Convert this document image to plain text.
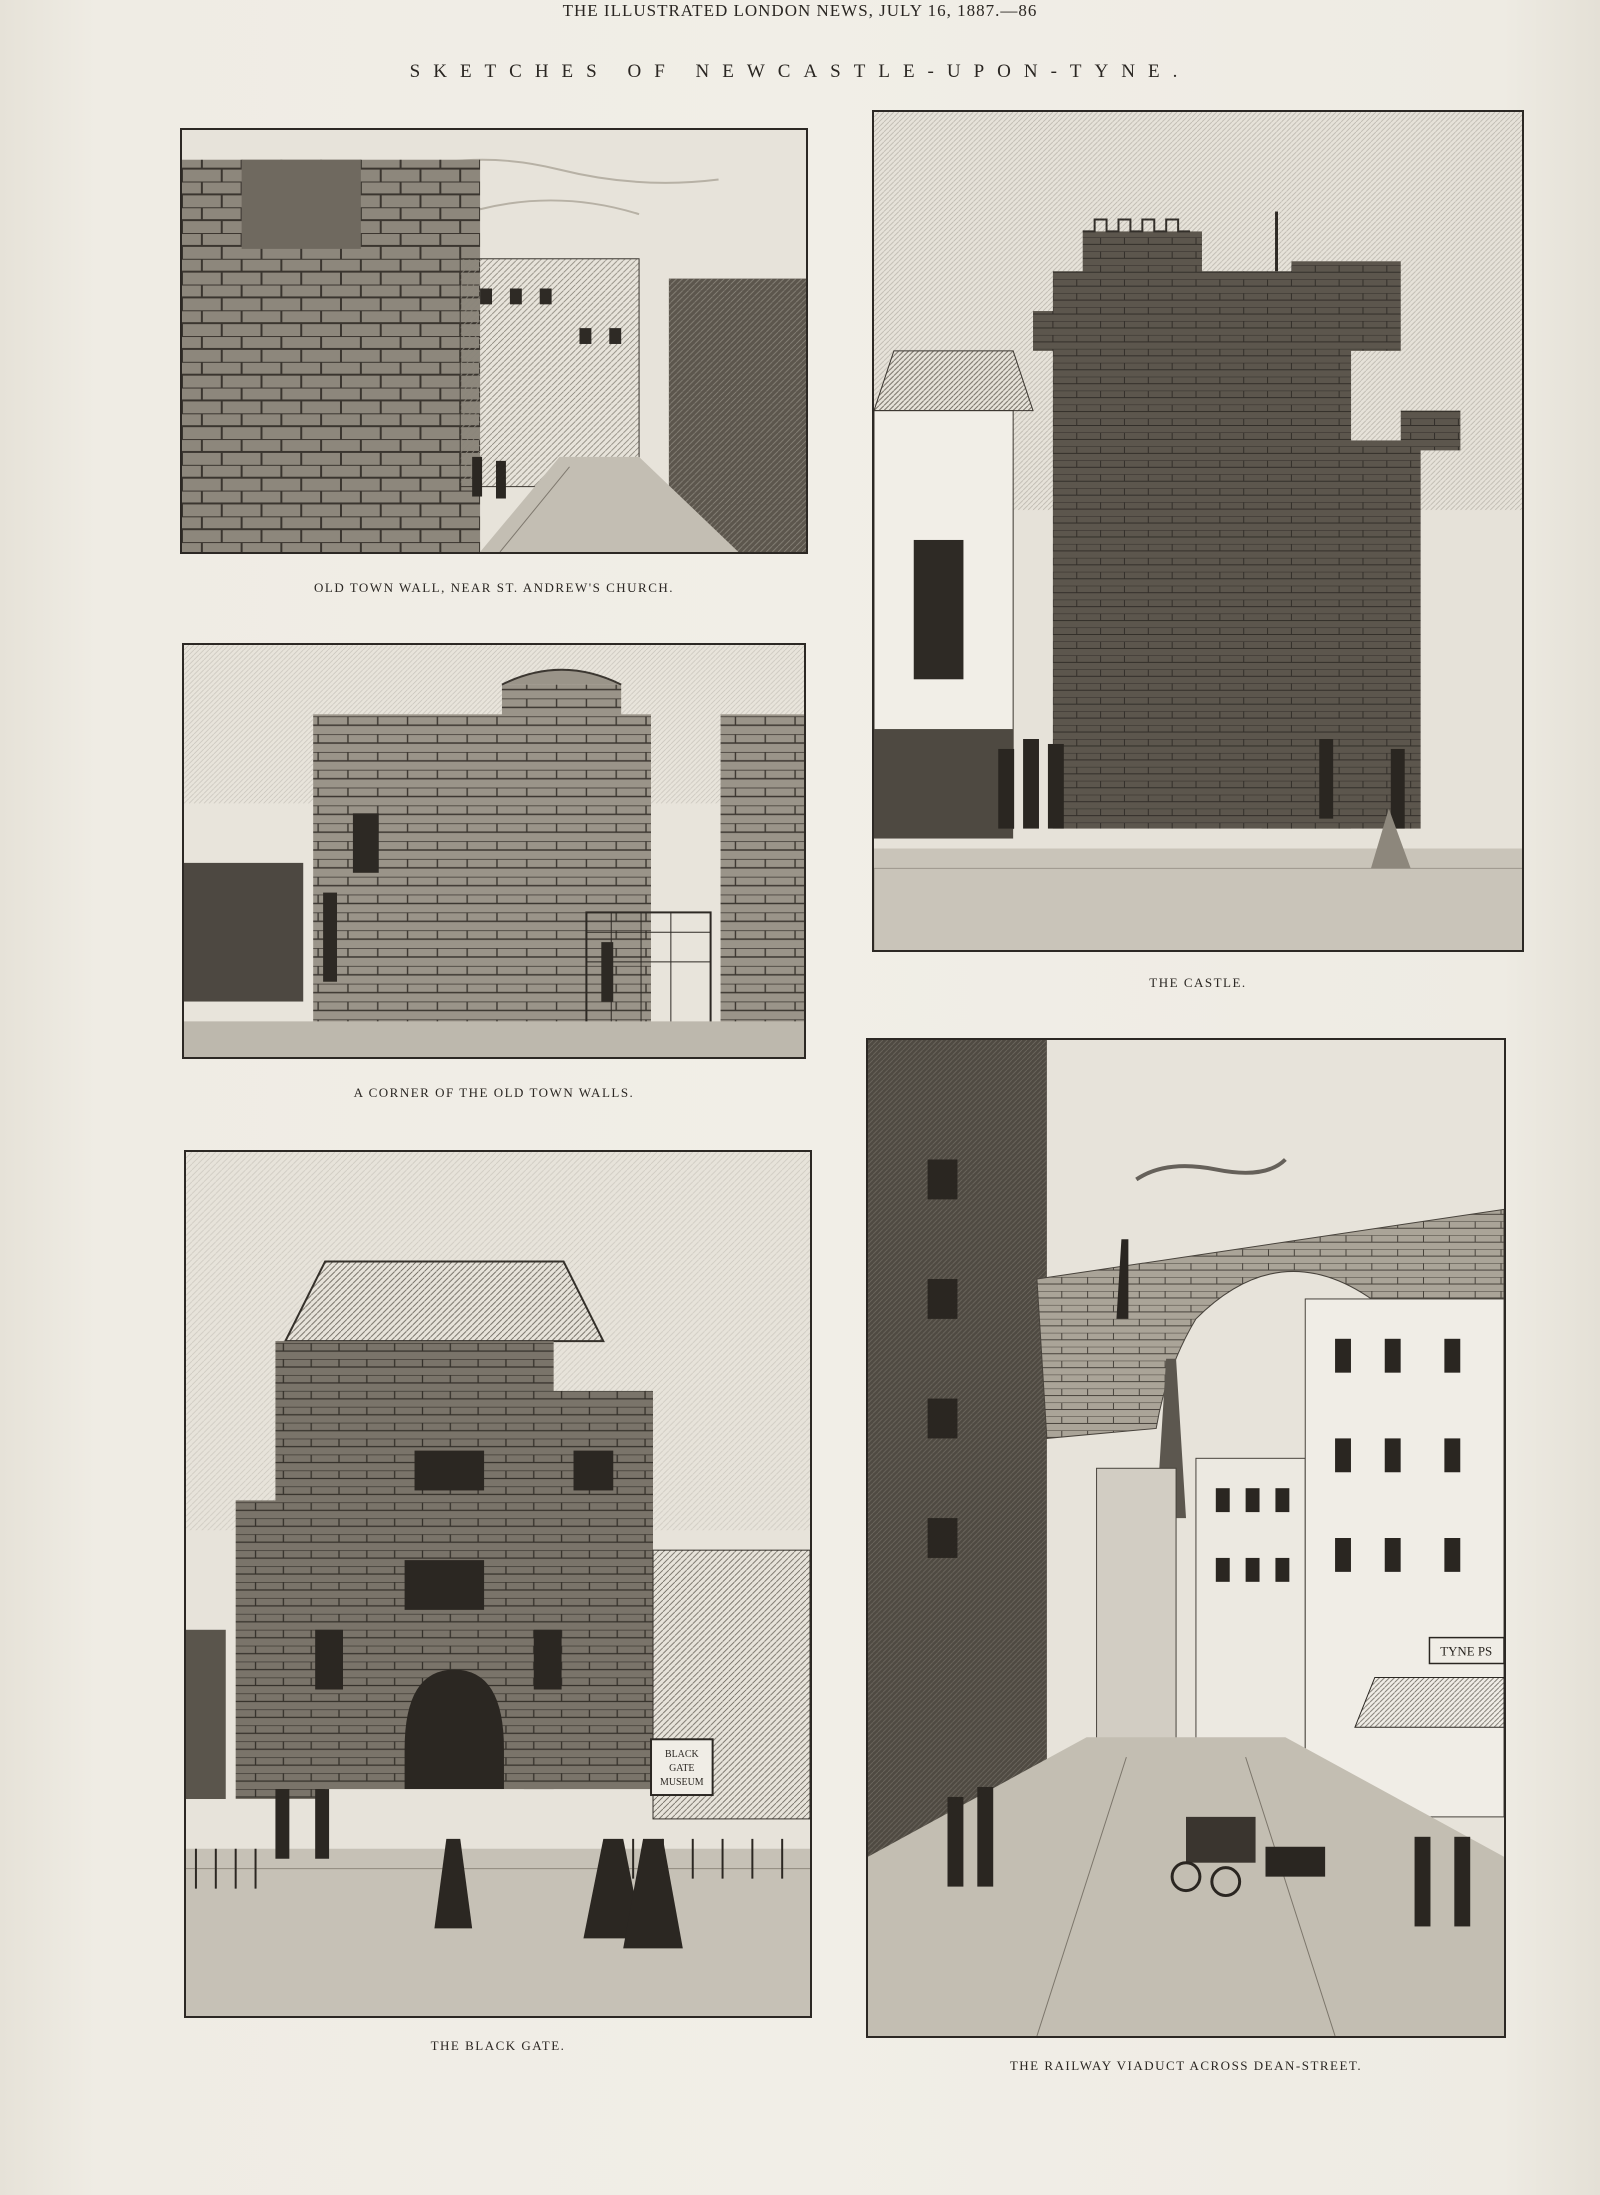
THE ILLUSTRATED LONDON NEWS, JULY 16, 1887.—86
SKETCHES OF NEWCASTLE-UPON-TYNE.
OLD TOWN WALL, NEAR ST. ANDREW'S CHURCH.
THE CASTLE.
A CORNER OF THE OLD TOWN WALLS.
BLACK
GATE
MUSEUM
THE BLACK GATE.
TYNE PS
THE RAILWAY VIADUCT ACROSS DEAN-STREET.
